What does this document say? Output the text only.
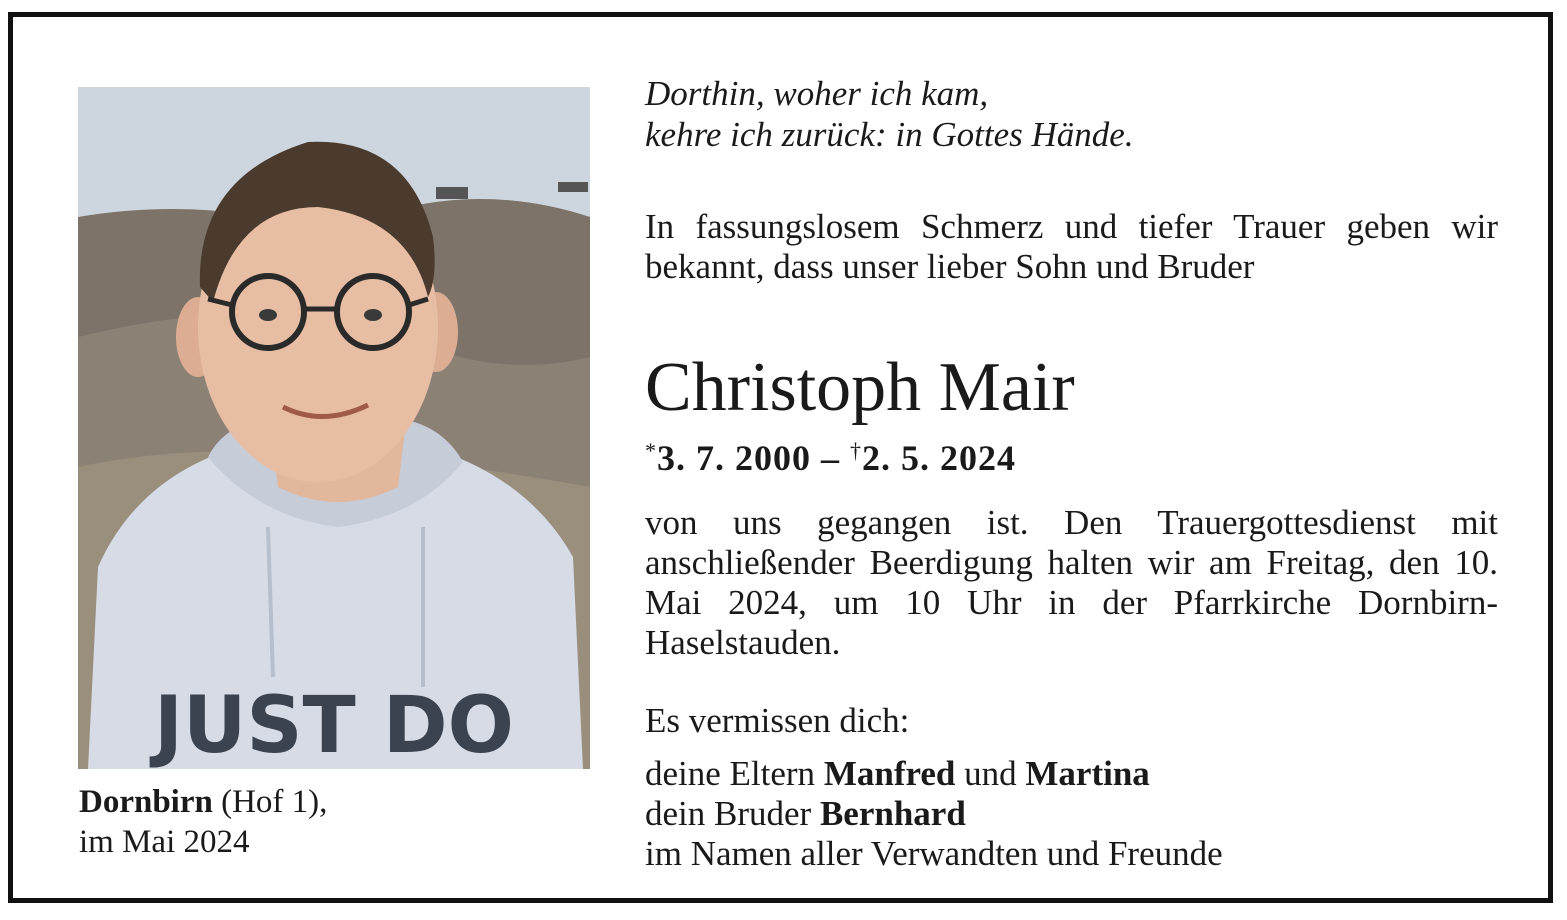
JUST DO
Dornbirn (Hof 1),
im Mai 2024

Dorthin, woher ich kam,
kehre ich zurück: in Gottes Hände.

In fassungslosem Schmerz und tiefer Trauer geben wir bekannt, dass unser lieber Sohn und Bruder

Christoph Mair
*3. 7. 2000 – †2. 5. 2024

von uns gegangen ist. Den Trauergottesdienst mit anschließender Beerdigung halten wir am Freitag, den 10. Mai 2024, um 10 Uhr in der Pfarrkirche Dornbirn-Haselstauden.

Es vermissen dich:
deine Eltern Manfred und Martina
dein Bruder Bernhard
im Namen aller Verwandten und Freunde
